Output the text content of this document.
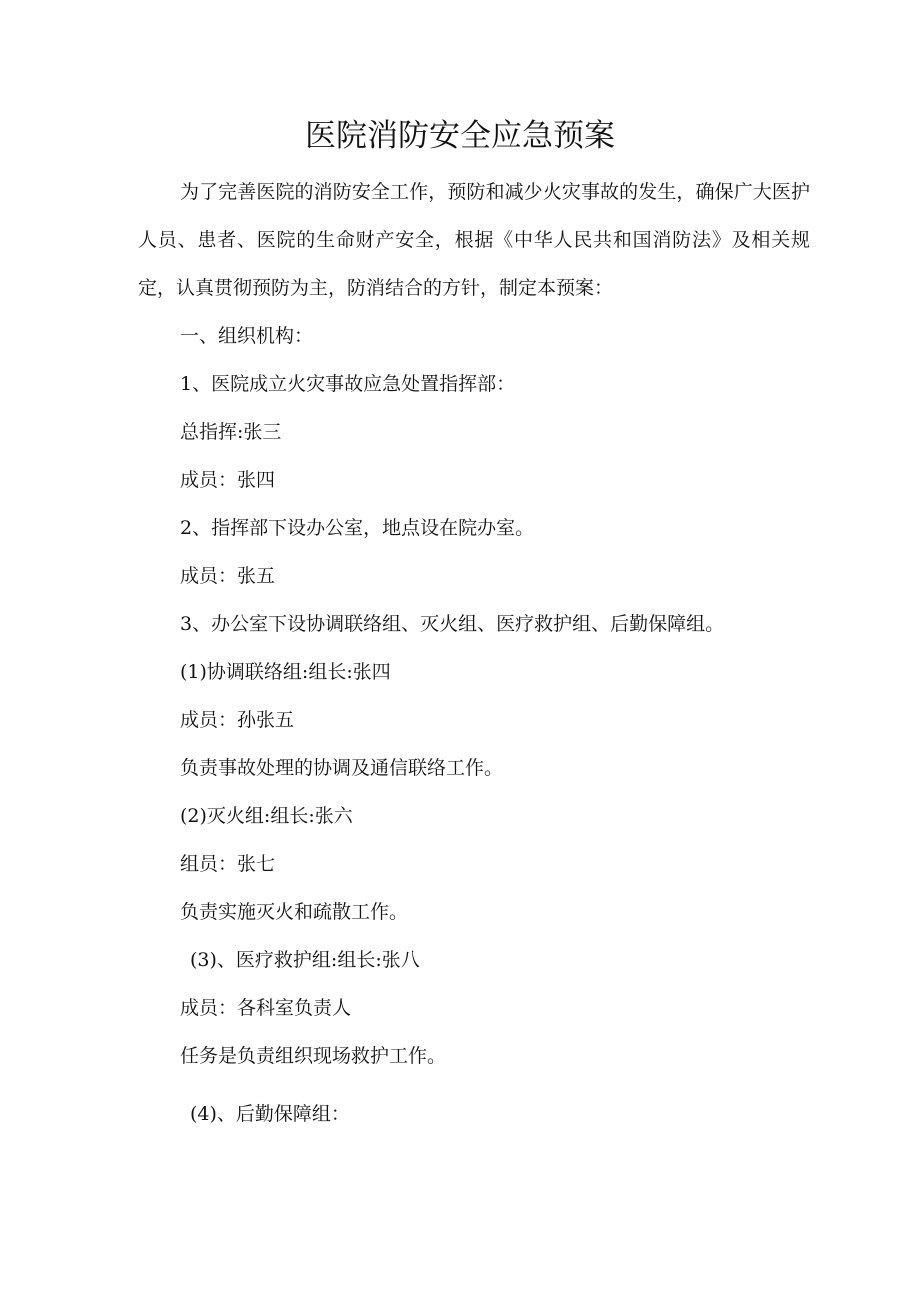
医院消防安全应急预案
为了完善医院的消防安全工作，预防和减少火灾事故的发生，确保广大医护人员、患者、医院的生命财产安全，根据《中华人民共和国消防法》及相关规定，认真贯彻预防为主，防消结合的方针，制定本预案：
一、组织机构：
1、医院成立火灾事故应急处置指挥部：
总指挥:张三
成员：张四
2、指挥部下设办公室，地点设在院办室。
成员：张五
3、办公室下设协调联络组、灭火组、医疗救护组、后勤保障组。
(1)协调联络组:组长:张四
成员：孙张五
负责事故处理的协调及通信联络工作。
(2)灭火组:组长:张六
组员：张七
负责实施灭火和疏散工作。
(3)、医疗救护组:组长:张八
成员：各科室负责人
任务是负责组织现场救护工作。
(4)、后勤保障组：
